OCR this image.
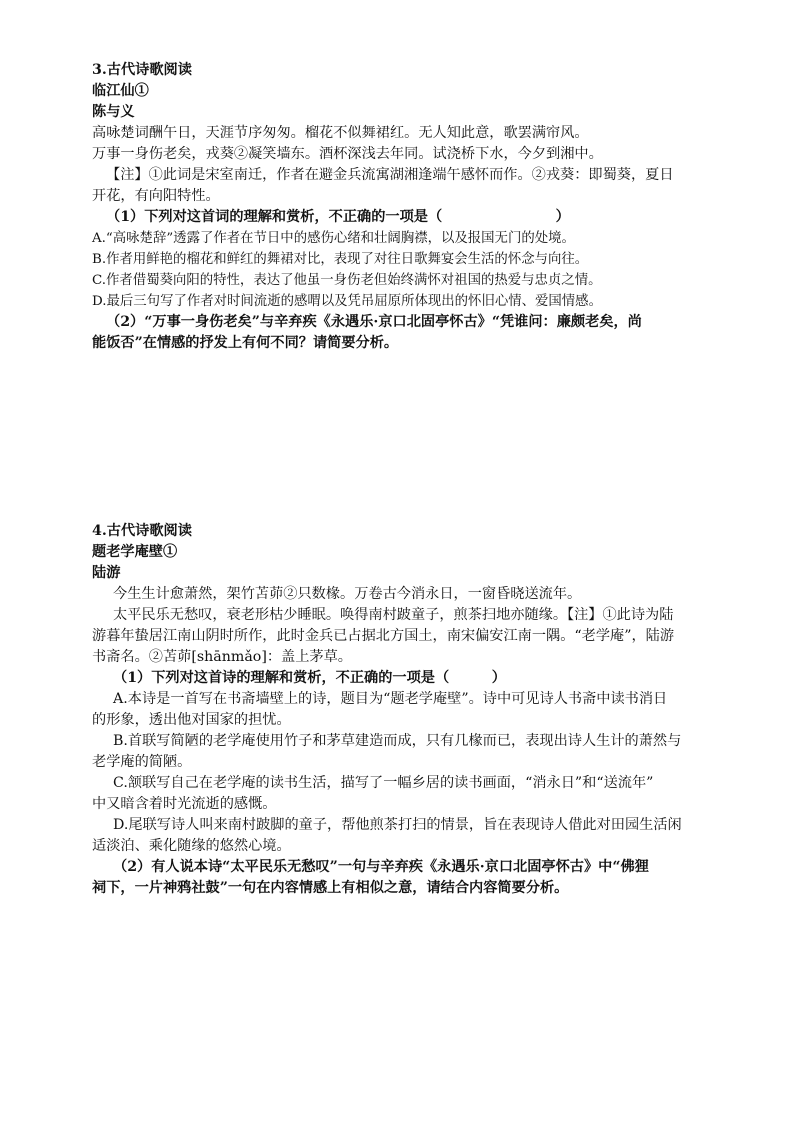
3.古代诗歌阅读
临江仙①
陈与义
高咏楚词酬午日，天涯节序匆匆。榴花不似舞裙红。无人知此意，歌罢满帘风。
万事一身伤老矣，戎葵②凝笑墙东。酒杯深浅去年同。试浇桥下水，今夕到湘中。
【注】①此词是宋室南迁，作者在避金兵流寓湖湘逢端午感怀而作。②戎葵：即蜀葵，夏日
开花，有向阳特性。
（1）下列对这首词的理解和赏析，不正确的一项是（　　　　　　　　）
A.“高咏楚辞”透露了作者在节日中的感伤心绪和壮阔胸襟，以及报国无门的处境。
B.作者用鲜艳的榴花和鲜红的舞裙对比，表现了对往日歌舞宴会生活的怀念与向往。
C.作者借蜀葵向阳的特性，表达了他虽一身伤老但始终满怀对祖国的热爱与忠贞之情。
D.最后三句写了作者对时间流逝的感喟以及凭吊屈原所体现出的怀旧心情、爱国情感。
（2）“万事一身伤老矣”与辛弃疾《永遇乐·京口北固亭怀古》“凭谁问：廉颇老矣，尚
能饭否”在情感的抒发上有何不同？请简要分析。
4.古代诗歌阅读
题老学庵壁①
陆游
今生生计愈萧然，架竹苫茆②只数椽。万卷古今消永日，一窗昏晓送流年。
太平民乐无愁叹，衰老形枯少睡眠。唤得南村跛童子，煎茶扫地亦随缘。【注】①此诗为陆
游暮年蛰居江南山阴时所作，此时金兵已占据北方国土，南宋偏安江南一隅。“老学庵”，陆游
书斋名。②苫茆[shānmǎo]：盖上茅草。
（1）下列对这首诗的理解和赏析，不正确的一项是（　　　）
A.本诗是一首写在书斋墙壁上的诗，题目为“题老学庵壁”。诗中可见诗人书斋中读书消日
的形象，透出他对国家的担忧。
B.首联写简陋的老学庵使用竹子和茅草建造而成，只有几椽而已，表现出诗人生计的萧然与
老学庵的简陋。
C.颔联写自己在老学庵的读书生活，描写了一幅乡居的读书画面，“消永日”和“送流年”
中又暗含着时光流逝的感慨。
D.尾联写诗人叫来南村跛脚的童子，帮他煎茶打扫的情景，旨在表现诗人借此对田园生活闲
适淡泊、乘化随缘的悠然心境。
（2）有人说本诗“太平民乐无愁叹”一句与辛弃疾《永遇乐·京口北固亭怀古》中“佛狸
祠下，一片神鸦社鼓”一句在内容情感上有相似之意，请结合内容简要分析。
